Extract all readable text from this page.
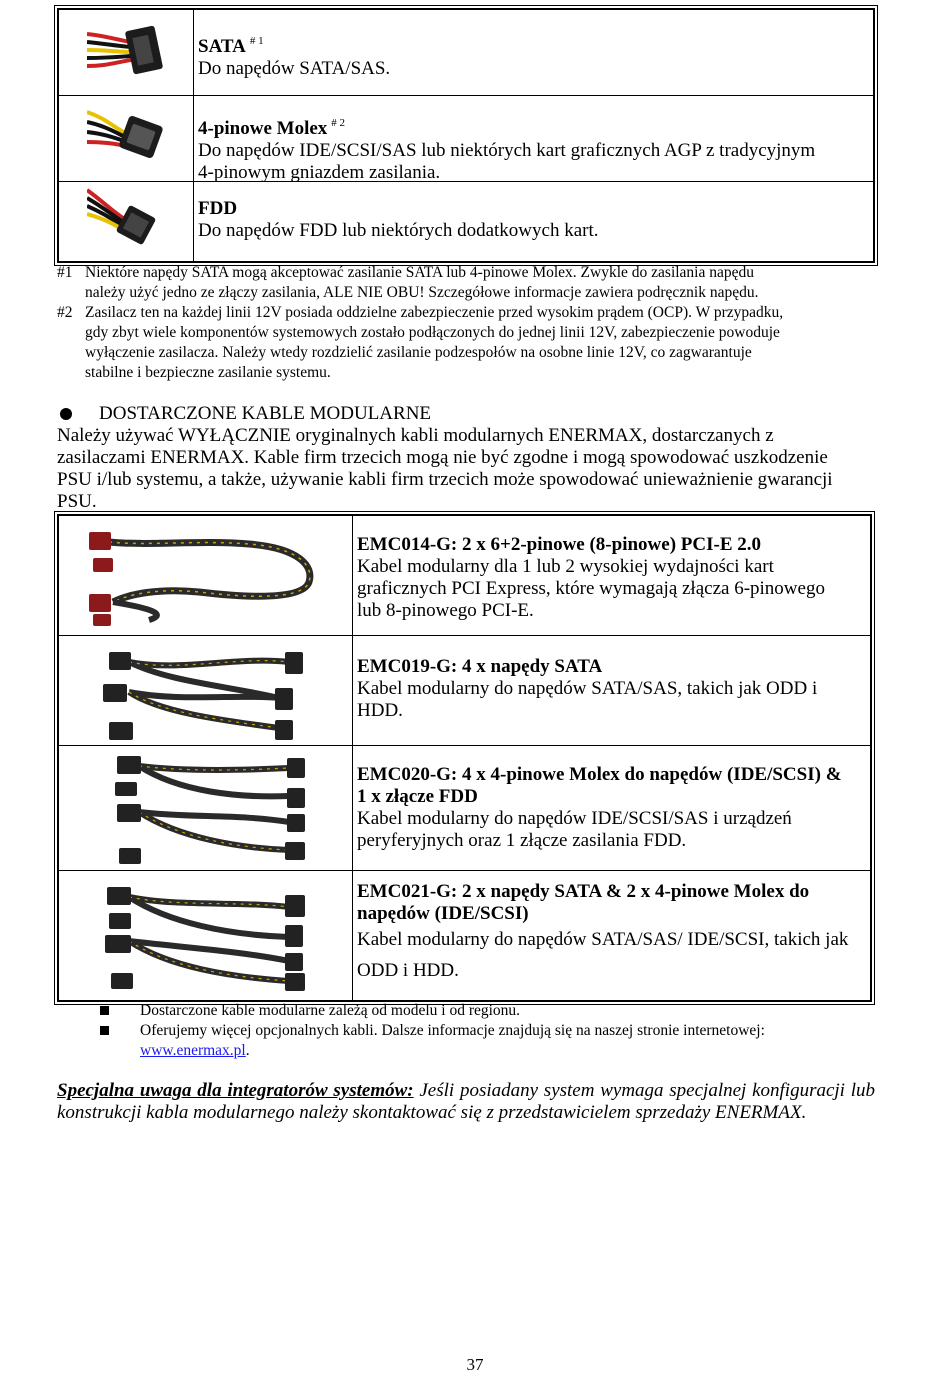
SATA $^{\# 1}$
Do napędów SATA/SAS.
4-pinowe Molex $^{\# 2}$
Do napędów IDE/SCSI/SAS lub niektórych kart graficznych AGP z tradycyjnym
4-pinowym gniazdem zasilania.
FDD
Do napędów FDD lub niektórych dodatkowych kart.
#1 Niektóre napędy SATA mogą akceptować zasilanie SATA lub 4-pinowe Molex. Zwykle do zasilania napędu
należy użyć jedno ze złączy zasilania, ALE NIE OBU! Szczegółowe informacje zawiera podręcznik napędu.
#2 Zasilacz ten na każdej linii 12V posiada oddzielne zabezpieczenie przed wysokim prądem (OCP). W przypadku,
gdy zbyt wiele komponentów systemowych zostało podłączonych do jednej linii 12V, zabezpieczenie powoduje
wyłączenie zasilacza. Należy wtedy rozdzielić zasilanie podzespołów na osobne linie 12V, co zagwarantuje
stabilne i bezpieczne zasilanie systemu.
DOSTARCZONE KABLE MODULARNE
Należy używać WYŁĄCZNIE oryginalnych kabli modularnych ENERMAX, dostarczanych z
zasilaczami ENERMAX. Kable firm trzecich mogą nie być zgodne i mogą spowodować uszkodzenie
PSU i/lub systemu, a także, używanie kabli firm trzecich może spowodować unieważnienie gwarancji
PSU.
EMC014-G: 2 x 6+2-pinowe (8-pinowe) PCI-E 2.0
Kabel modularny dla 1 lub 2 wysokiej wydajności kart
graficznych PCI Express, które wymagają złącza 6-pinowego
lub 8-pinowego PCI-E.
EMC019-G: 4 x napędy SATA
Kabel modularny do napędów SATA/SAS, takich jak ODD i
HDD.
EMC020-G: 4 x 4-pinowe Molex do napędów (IDE/SCSI) &
1 x złącze FDD
Kabel modularny do napędów IDE/SCSI/SAS i urządzeń
peryferyjnych oraz 1 złącze zasilania FDD.
EMC021-G: 2 x napędy SATA & 2 x 4-pinowe Molex do
napędów (IDE/SCSI)
Kabel modularny do napędów SATA/SAS/ IDE/SCSI, takich jak
ODD i HDD.
Dostarczone kable modularne zależą od modelu i od regionu.
Oferujemy więcej opcjonalnych kabli. Dalsze informacje znajdują się na naszej stronie internetowej:
www.enermax.pl.
Specjalna uwaga dla integratorów systemów: Jeśli posiadany system wymaga specjalnej konfiguracji lub konstrukcji kabla modularnego należy skontaktować się z przedstawicielem sprzedaży ENERMAX.
37
